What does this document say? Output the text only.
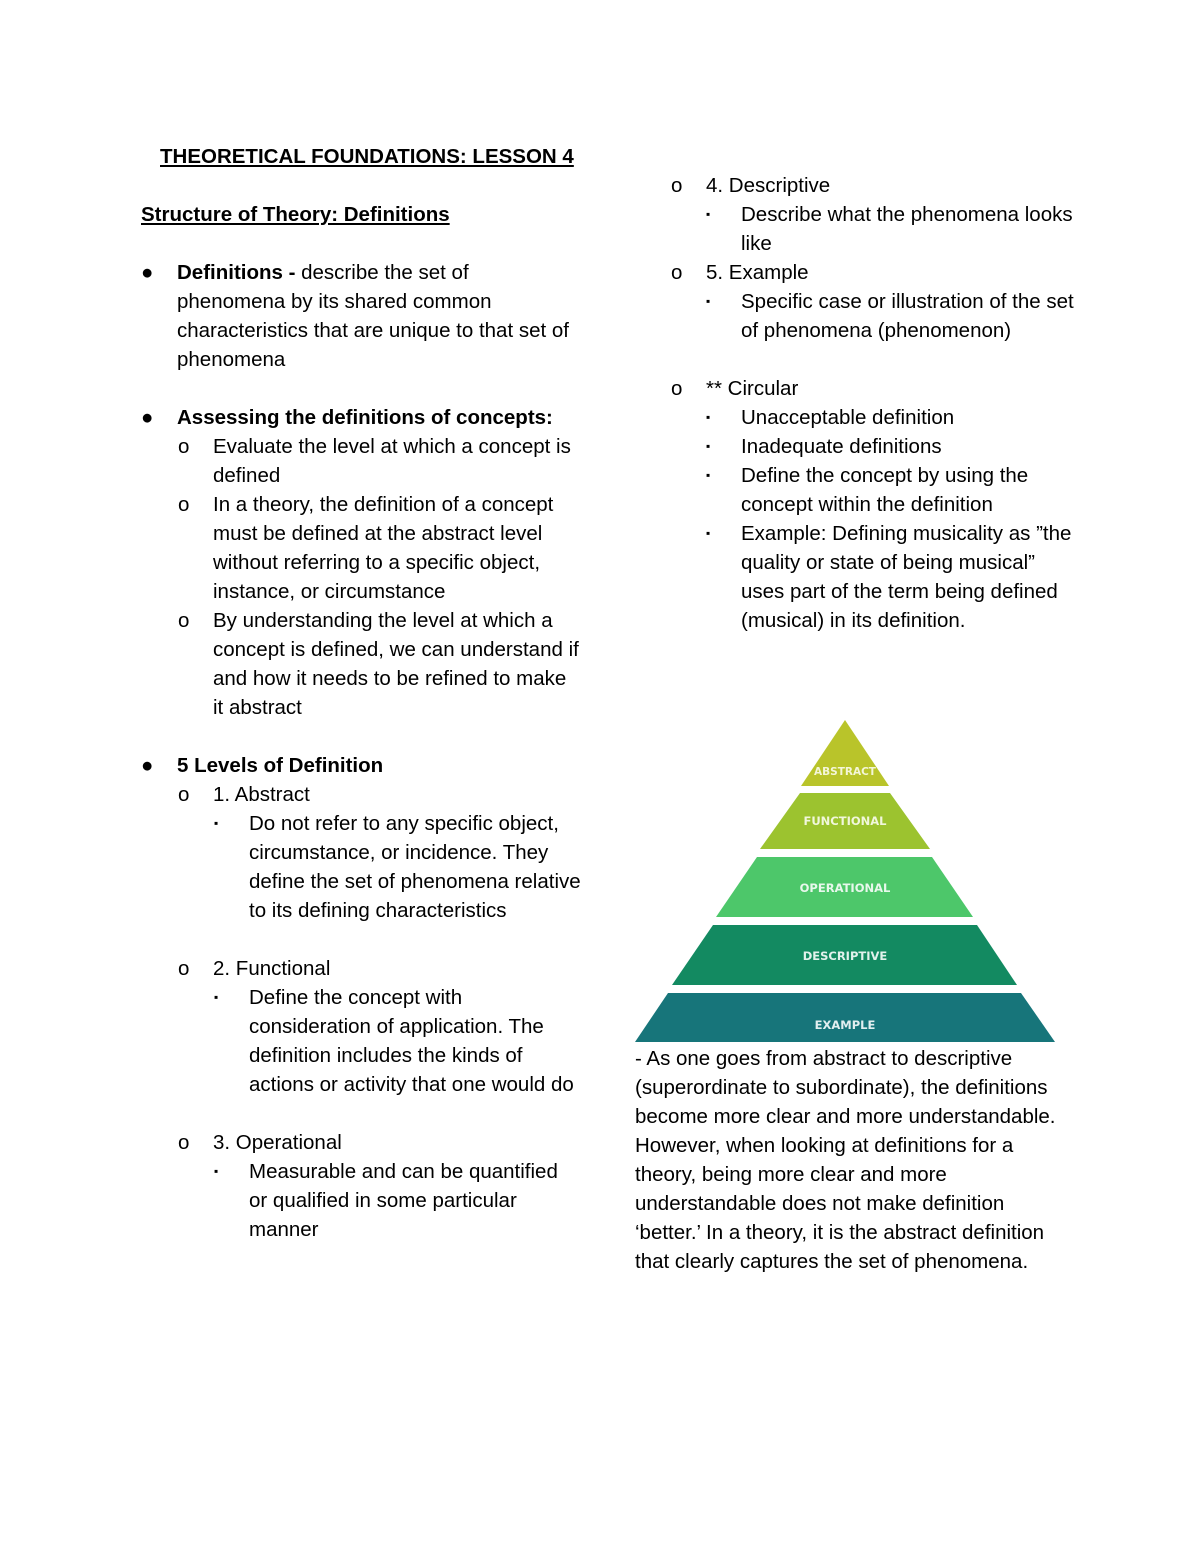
THEORETICAL FOUNDATIONS: LESSON 4
Structure of Theory: Definitions
● Definitions - describe the set of phenomena by its shared common characteristics that are unique to that set of phenomena
● Assessing the definitions of concepts:
o Evaluate the level at which a concept is defined
o In a theory, the definition of a concept must be defined at the abstract level without referring to a specific object, instance, or circumstance
o By understanding the level at which a concept is defined, we can understand if and how it needs to be refined to make it abstract
● 5 Levels of Definition
o 1. Abstract
▪ Do not refer to any specific object, circumstance, or incidence. They define the set of phenomena relative to its defining characteristics
o 2. Functional
▪ Define the concept with consideration of application. The definition includes the kinds of actions or activity that one would do
o 3. Operational
▪ Measurable and can be quantified or qualified in some particular manner
o 4. Descriptive
▪ Describe what the phenomena looks like
o 5. Example
▪ Specific case or illustration of the set of phenomena (phenomenon)
o ** Circular
▪ Unacceptable definition
▪ Inadequate definitions
▪ Define the concept by using the concept within the definition
▪ Example: Defining musicality as ”the quality or state of being musical” uses part of the term being defined (musical) in its definition.
ABSTRACT
FUNCTIONAL
OPERATIONAL
DESCRIPTIVE
EXAMPLE
- As one goes from abstract to descriptive (superordinate to subordinate), the definitions become more clear and more understandable. However, when looking at definitions for a theory, being more clear and more understandable does not make definition ‘better.’ In a theory, it is the abstract definition that clearly captures the set of phenomena.
